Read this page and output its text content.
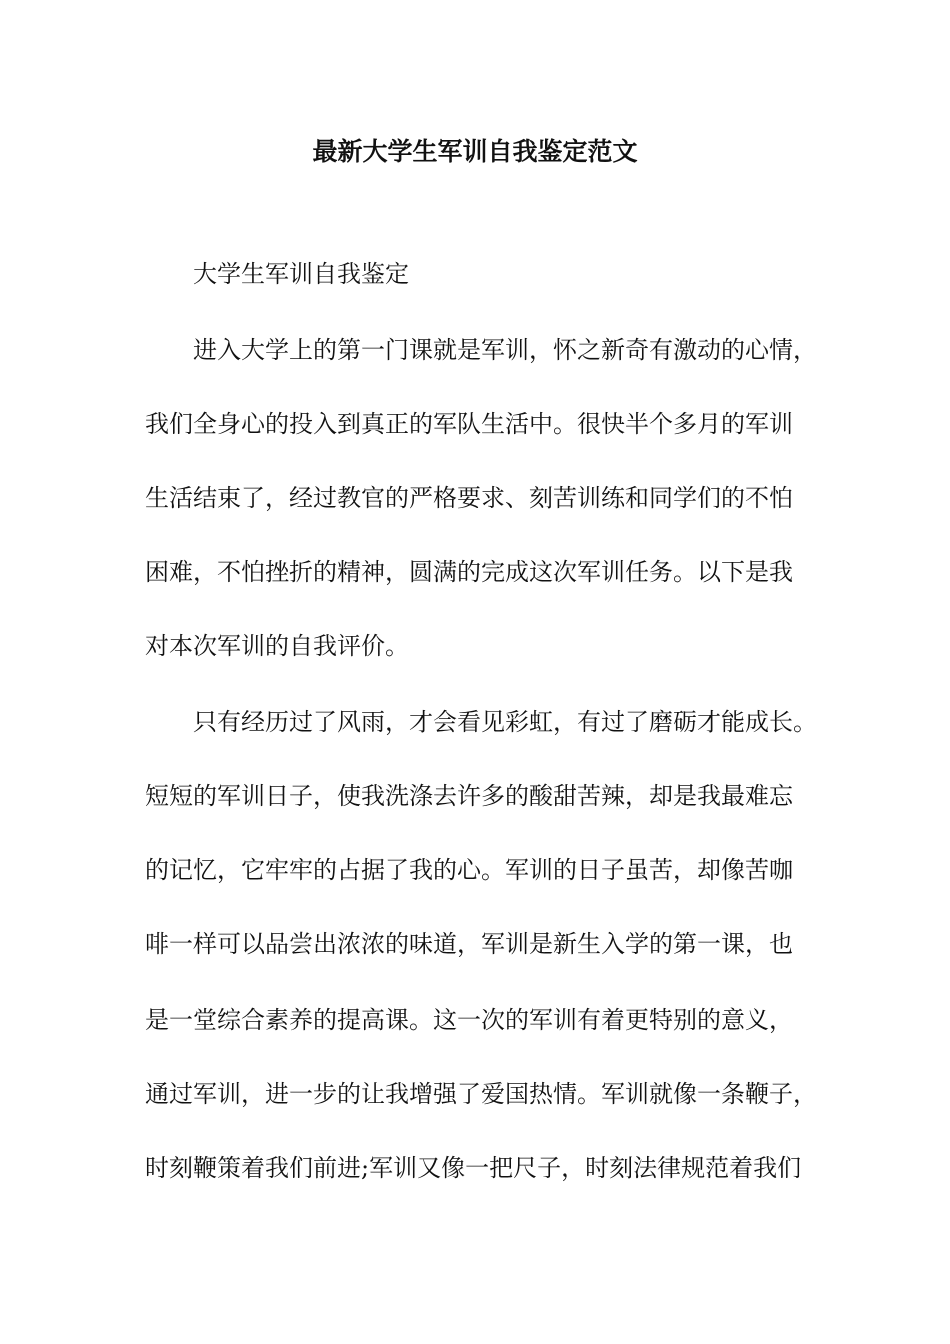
最新大学生军训自我鉴定范文
大学生军训自我鉴定
进入大学上的第一门课就是军训，怀之新奇有激动的心情，
我们全身心的投入到真正的军队生活中。很快半个多月的军训
生活结束了，经过教官的严格要求、刻苦训练和同学们的不怕
困难，不怕挫折的精神，圆满的完成这次军训任务。以下是我
对本次军训的自我评价。
只有经历过了风雨，才会看见彩虹，有过了磨砺才能成长。
短短的军训日子，使我洗涤去许多的酸甜苦辣，却是我最难忘
的记忆，它牢牢的占据了我的心。军训的日子虽苦，却像苦咖
啡一样可以品尝出浓浓的味道，军训是新生入学的第一课，也
是一堂综合素养的提高课。这一次的军训有着更特别的意义，
通过军训，进一步的让我增强了爱国热情。军训就像一条鞭子，
时刻鞭策着我们前进;军训又像一把尺子，时刻法律规范着我们
